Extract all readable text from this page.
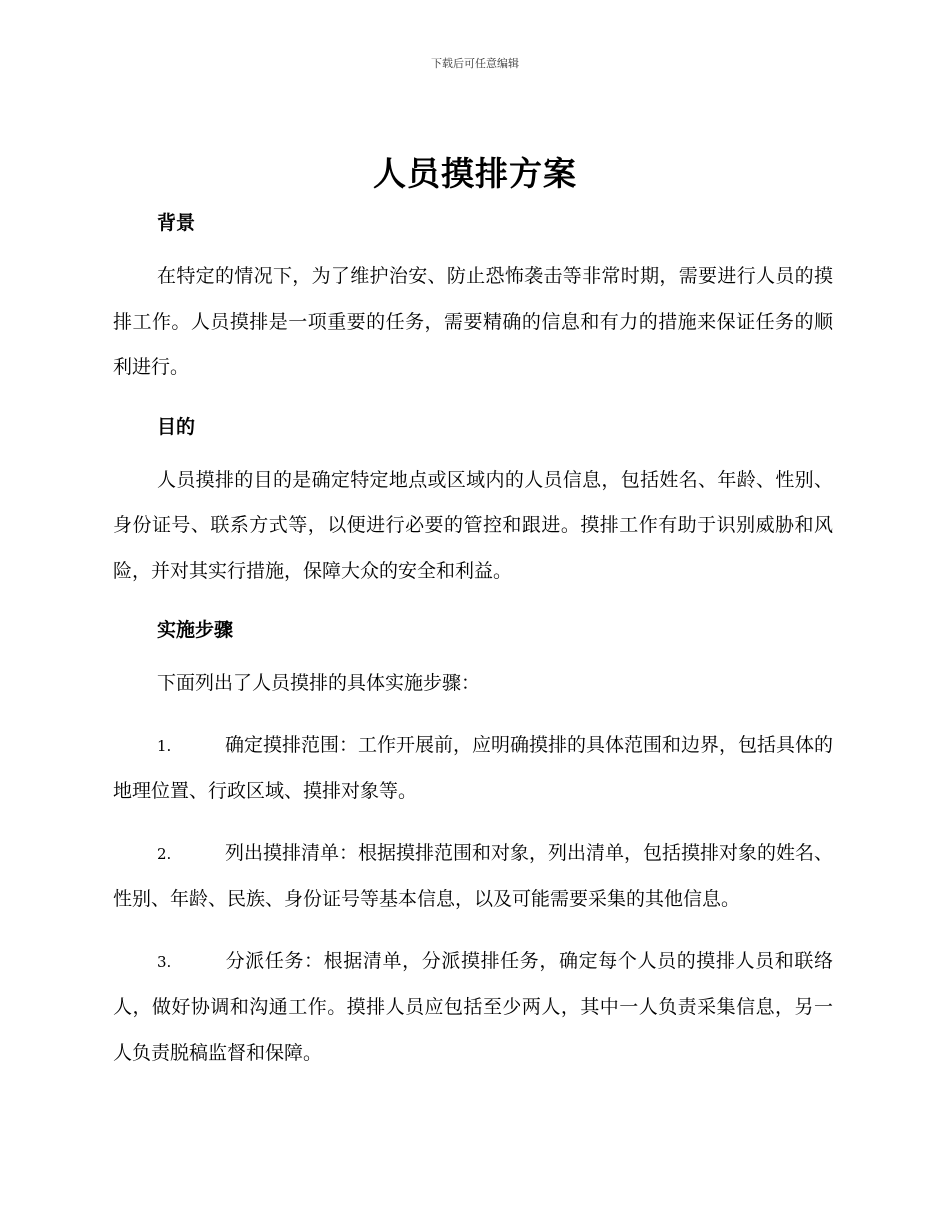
下载后可任意编辑
人员摸排方案
背景

在特定的情况下，为了维护治安、防止恐怖袭击等非常时期，需要进行人员的摸排工作。人员摸排是一项重要的任务，需要精确的信息和有力的措施来保证任务的顺利进行。

目的

人员摸排的目的是确定特定地点或区域内的人员信息，包括姓名、年龄、性别、身份证号、联系方式等，以便进行必要的管控和跟进。摸排工作有助于识别威胁和风险，并对其实行措施，保障大众的安全和利益。

实施步骤

下面列出了人员摸排的具体实施步骤：

1.	确定摸排范围：工作开展前，应明确摸排的具体范围和边界，包括具体的地理位置、行政区域、摸排对象等。

2.	列出摸排清单：根据摸排范围和对象，列出清单，包括摸排对象的姓名、性别、年龄、民族、身份证号等基本信息，以及可能需要采集的其他信息。

3.	分派任务：根据清单，分派摸排任务，确定每个人员的摸排人员和联络人，做好协调和沟通工作。摸排人员应包括至少两人，其中一人负责采集信息，另一人负责脱稿监督和保障。
